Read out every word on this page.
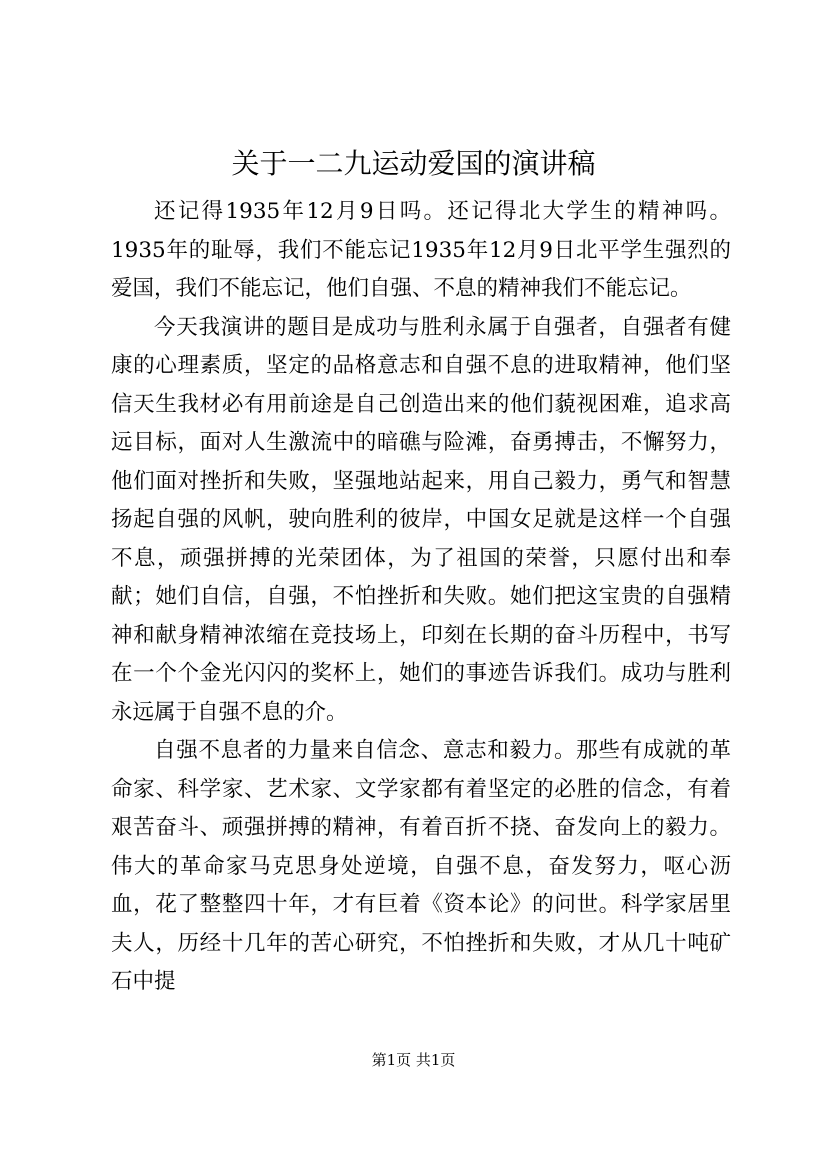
关于一二九运动爱国的演讲稿

还记得1935年12月9日吗。还记得北大学生的精神吗。1935年的耻辱，我们不能忘记1935年12月9日北平学生强烈的爱国，我们不能忘记，他们自强、不息的精神我们不能忘记。

今天我演讲的题目是成功与胜利永属于自强者，自强者有健康的心理素质，坚定的品格意志和自强不息的进取精神，他们坚信天生我材必有用前途是自己创造出来的他们藐视困难，追求高远目标，面对人生激流中的暗礁与险滩，奋勇搏击，不懈努力，他们面对挫折和失败，坚强地站起来，用自己毅力，勇气和智慧扬起自强的风帆，驶向胜利的彼岸，中国女足就是这样一个自强不息，顽强拼搏的光荣团体，为了祖国的荣誉，只愿付出和奉献；她们自信，自强，不怕挫折和失败。她们把这宝贵的自强精神和献身精神浓缩在竞技场上，印刻在长期的奋斗历程中，书写在一个个金光闪闪的奖杯上，她们的事迹告诉我们。成功与胜利永远属于自强不息的介。

自强不息者的力量来自信念、意志和毅力。那些有成就的革命家、科学家、艺术家、文学家都有着坚定的必胜的信念，有着艰苦奋斗、顽强拼搏的精神，有着百折不挠、奋发向上的毅力。伟大的革命家马克思身处逆境，自强不息，奋发努力，呕心沥血，花了整整四十年，才有巨着《资本论》的问世。科学家居里夫人，历经十几年的苦心研究，不怕挫折和失败，才从几十吨矿石中提

第1页 共1页
